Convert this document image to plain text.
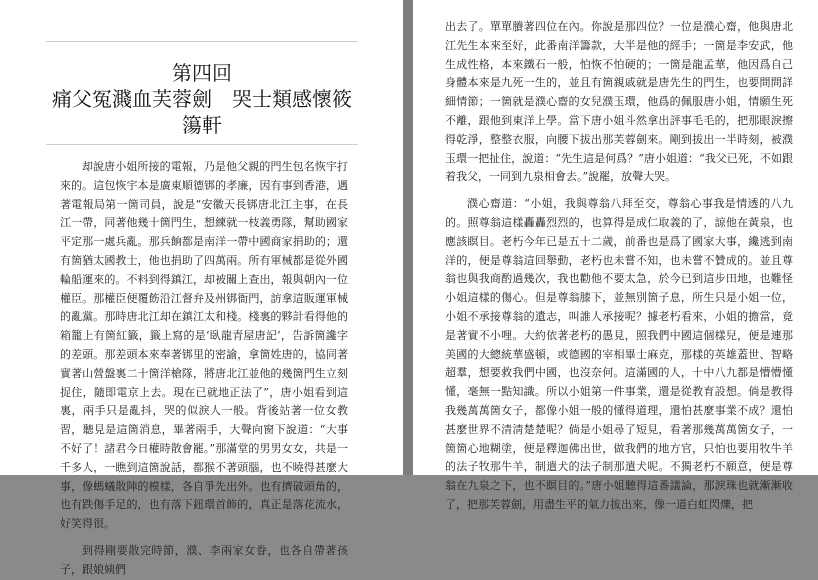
第四回
痛父冤濺血芙蓉劍　哭士類感懷筱簜軒

却說唐小姐所接的電報，乃是他父親的門生包名恢宇打來的。這包恢宇本是廣東順德䦁的孝廉，因有事到香港，遇著電報局第一箇司員，說是“安徽天長䦁唐北江主事，在長江一帶，同著他幾十箇門生，想練就一枝義勇隊，幫助國家平定那一處兵亂。那兵餉都是南洋一帶中國商家捐助的；還有箇猶太國教士，他也捐助了四萬兩。所有軍械都是從外國輪船運來的。不料到得鎮江，却被關上查出，報與朝內一位權臣。那權臣便覆飭沿江督弁及州䦁衙門，訪拿這販運軍械的亂黨。那時唐北江却在鎮江太和棧。棧裏的夥計看得他的箱籠上有箇紅籤，籤上寫的是‘臥龍青屋唐記’，告訴箇讒字的差頭。那差頭本來奉著䦁里的密諭，拿箇姓唐的，協同著實著山營盤裏二十箇洋槍隊，將唐北江並他的幾箇門生立刻捉住，隨即電京上去。現在已就地正法了”，唐小姐看到這裏，兩手只是亂抖，哭的似淚人一般。背後站著一位女教習，聽見是這箇消息，畢著兩手，大聲向窗下說道：“大事不好了！諸君今日權時散會罷。”那滿堂的男男女女，共是一千多人，一瞧到這箇說話，都猴不著頭腦，也不曉得甚麼大事，像螞蟻散陣的模樣，各自爭先出外。也有擠破頭角的，也有跌傷手足的，也有落下鈕環首飾的，真正是落花流水，好笑得很。

到得剛要散完時節，濮、李兩家女眷，也各自帶著孩子，跟娘姨們

出去了。單單賸著四位在內。你說是那四位？一位是濮心齋，他與唐北江先生本來至好，此番南洋籌款，大半是他的經手；一箇是李安武，他生成性格，本來鐵石一般，怕恢不怕硬的；一箇是龍孟華，他因爲自己身體本來是九死一生的，並且有箇親戚就是唐先生的門生，也要問問詳細情節；一箇就是濮心齋的女兒濮玉環，他爲的佩服唐小姐，情願生死不離，跟他到東洋上學。當下唐小姐斗然拿出評事毛毛的，把那眼淚擦得乾淨，整整衣服，向腰下拔出那芙蓉劍來。剛到拔出一半時刻，被濮玉環一把扯住，說道：“先生這是何爲？”唐小姐道：“我父已死，不如跟着我父，一同到九泉相會去。”說罷，放聲大哭。

濮心齋道：“小姐，我與尊翁八拜至交，尊翁心事我是情透的八九的。照尊翁這樣轟轟烈烈的，也算得是成仁取義的了，諒他在黃泉，也應該瞑目。老朽今年已是五十二歲，前番也是爲了國家大事，纔逃到南洋的，便是尊翁這回舉動，老朽也未嘗不知，也未嘗不贊成的。並且尊翁也與我商酌過幾次，我也勸他不要太急，於今已到這步田地，也難怪小姐這樣的傷心。但是尊翁膝下，並無別箇子息，所生只是小姐一位，小姐不承接尊翁的遺志，叫誰人承接呢？據老朽看來，小姐的擔當，竟是著實不小哩。大約依著老朽的愚見，照我們中國這個樣兒，便是連那美國的大總統華盛頓，或德國的宰相畢士麻克，那樣的英雄蓋世、智略超羣，想要救我們中國，也沒奈何。這滿國的人，十中八九都是懵懵懂懂，毫無一點知識。所以小姐第一件事業，還是從教育設想。倘是教得我幾萬萬箇女子，都像小姐一般的懂得道理，還怕甚麼事業不成？還怕甚麼世界不清淸楚楚呢？倘是小姐尋了短見，看著那幾萬萬箇女子，一箇箇心地糊塗，便是釋迦佛出世，做我們的地方官，只怕也要用牧牛羊的法子牧那牛羊，制遣犬的法子制那遣犬呢。不獨老朽不願意，便是尊翁在九泉之下，也不瞑目的。”唐小姐聽得這番議論，那淚珠也就漸漸收了，把那芙蓉劍，用盡生平的氣力拔出來，像一道白虹閃爍，把
